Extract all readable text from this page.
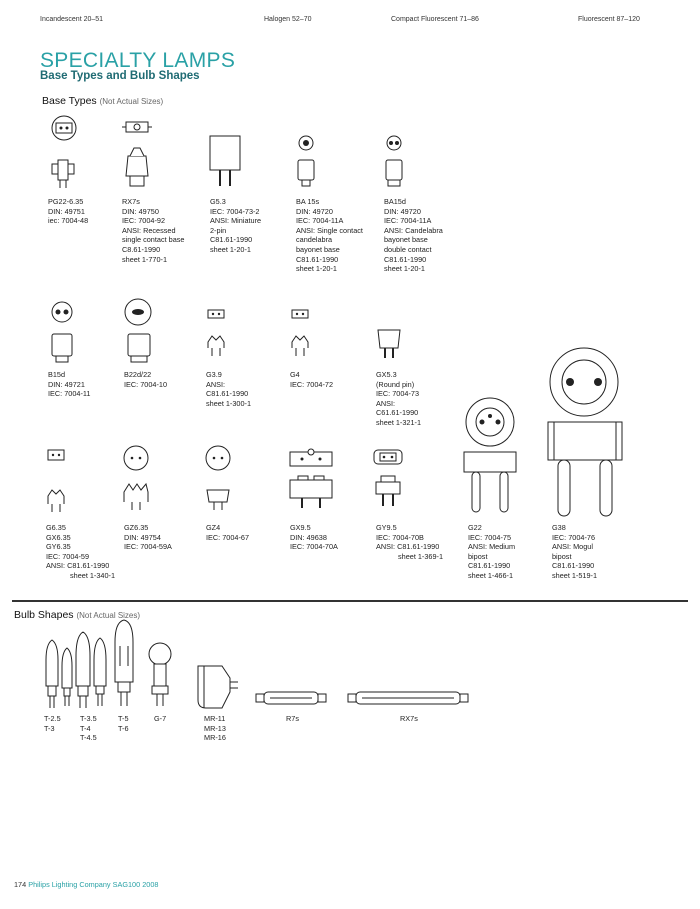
Incandescent 20–51	Halogen 52–70	Compact Fluorescent 71–86	Fluorescent 87–120
SPECIALTY LAMPS
Base Types and Bulb Shapes
Base Types (Not Actual Sizes)
PG22-6.35
DIN: 49751
iec: 7004-48
RX7s
DIN: 49750
IEC: 7004-92
ANSI: Recessed
single contact base
C8.61-1990
sheet 1-770-1
G5.3
IEC: 7004-73-2
ANSI: Miniature
2-pin
C81.61-1990
sheet 1-20-1
BA 15s
DIN: 49720
IEC: 7004-11A
ANSI: Single contact
candelabra
bayonet base
C81.61-1990
sheet 1-20-1
BA15d
DIN: 49720
IEC: 7004-11A
ANSI: Candelabra
bayonet base
double contact
C81.61-1990
sheet 1-20-1
B15d
DIN: 49721
IEC: 7004-11
B22d/22
IEC: 7004-10
G3.9
ANSI:
C81.61-1990
sheet 1-300-1
G4
IEC: 7004-72
GX5.3
(Round pin)
IEC: 7004-73
ANSI:
C61.61-1990
sheet 1-321-1
G6.35
GX6.35
GY6.35
IEC: 7004-59
ANSI: C81.61-1990
sheet 1-340-1
GZ6.35
DIN: 49754
IEC: 7004-59A
GZ4
IEC: 7004-67
GX9.5
DIN: 49638
IEC: 7004-70A
GY9.5
IEC: 7004-70B
ANSI: C81.61-1990
sheet 1-369-1
G22
IEC: 7004-75
ANSI: Medium
bipost
C81.61-1990
sheet 1-466-1
G38
IEC: 7004-76
ANSI: Mogul
bipost
C81.61-1990
sheet 1-519-1
Bulb Shapes (Not Actual Sizes)
T-2.5
T-3
T-3.5
T-4
T-4.5
T-5
T-6
G-7	MR-11
MR-13
MR-16
R7s	RX7s
174 Philips Lighting Company SAG100 2008
